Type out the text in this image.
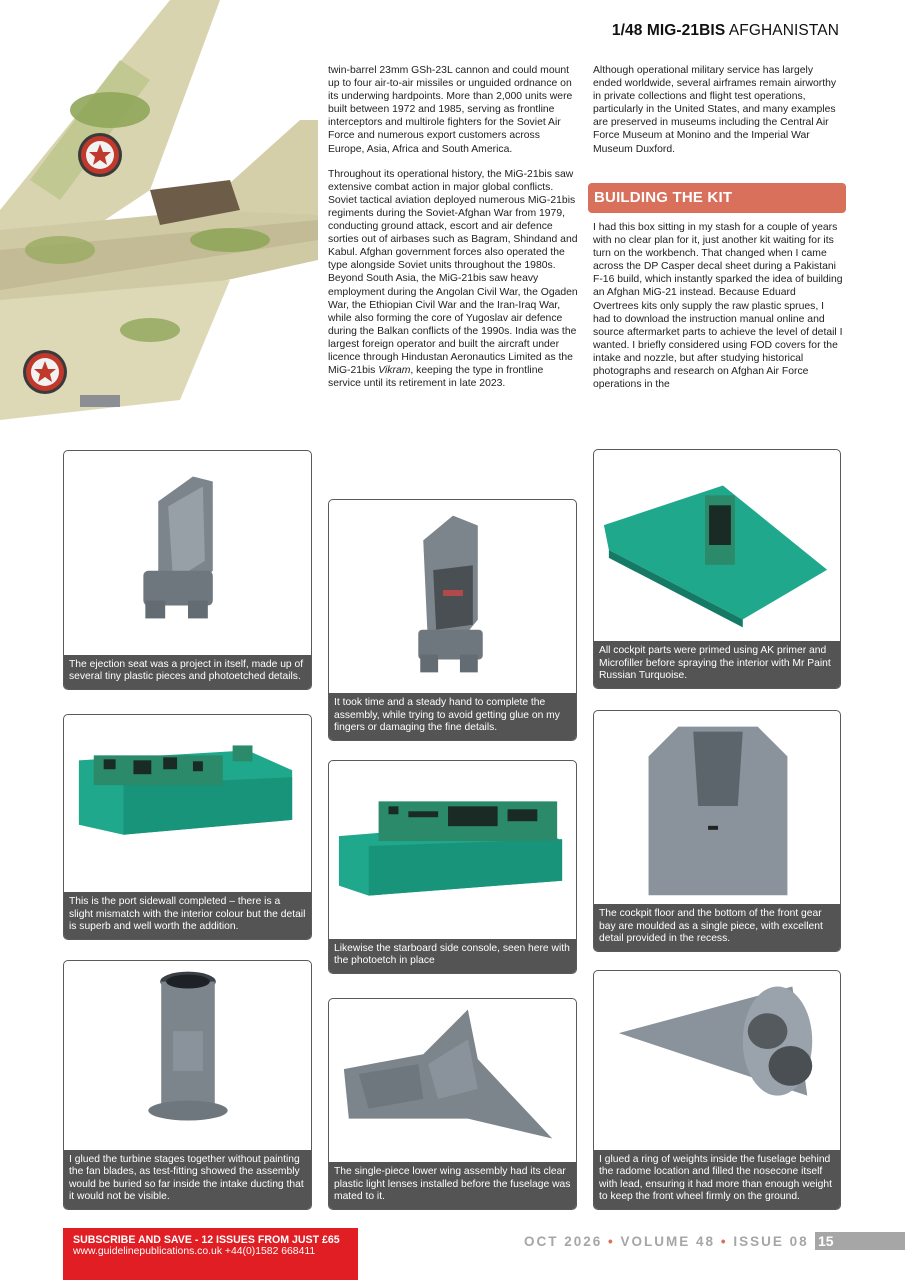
1/48 MIG-21BIS AFGHANISTAN

twin-barrel 23mm GSh-23L cannon and could mount up to four air-to-air missiles or unguided ordnance on its underwing hardpoints. More than 2,000 units were built between 1972 and 1985, serving as frontline interceptors and multirole fighters for the Soviet Air Force and numerous export customers across Europe, Asia, Africa and South America.

Throughout its operational history, the MiG-21bis saw extensive combat action in major global conflicts. Soviet tactical aviation deployed numerous MiG-21bis regiments during the Soviet-Afghan War from 1979, conducting ground attack, escort and air defence sorties out of airbases such as Bagram, Shindand and Kabul. Afghan government forces also operated the type alongside Soviet units throughout the 1980s. Beyond South Asia, the MiG-21bis saw heavy employment during the Angolan Civil War, the Ogaden War, the Ethiopian Civil War and the Iran-Iraq War, while also forming the core of Yugoslav air defence during the Balkan conflicts of the 1990s. India was the largest foreign operator and built the aircraft under licence through Hindustan Aeronautics Limited as the MiG-21bis Vikram, keeping the type in frontline service until its retirement in late 2023.

Although operational military service has largely ended worldwide, several airframes remain airworthy in private collections and flight test operations, particularly in the United States, and many examples are preserved in museums including the Central Air Force Museum at Monino and the Imperial War Museum Duxford.

BUILDING THE KIT

I had this box sitting in my stash for a couple of years with no clear plan for it, just another kit waiting for its turn on the workbench. That changed when I came across the DP Casper decal sheet during a Pakistani F-16 build, which instantly sparked the idea of building an Afghan MiG-21 instead. Because Eduard Overtrees kits only supply the raw plastic sprues, I had to download the instruction manual online and source aftermarket parts to achieve the level of detail I wanted. I briefly considered using FOD covers for the intake and nozzle, but after studying historical photographs and research on Afghan Air Force operations in the

The ejection seat was a project in itself, made up of several tiny plastic pieces and photoetched details.
This is the port sidewall completed – there is a slight mismatch with the interior colour but the detail is superb and well worth the addition.
I glued the turbine stages together without painting the fan blades, as test-fitting showed the assembly would be buried so far inside the intake ducting that it would not be visible.
It took time and a steady hand to complete the assembly, while trying to avoid getting glue on my fingers or damaging the fine details.
Likewise the starboard side console, seen here with the photoetch in place
The single-piece lower wing assembly had its clear plastic light lenses installed before the fuselage was mated to it.
All cockpit parts were primed using AK primer and Microfiller before spraying the interior with Mr Paint Russian Turquoise.
The cockpit floor and the bottom of the front gear bay are moulded as a single piece, with excellent detail provided in the recess.
I glued a ring of weights inside the fuselage behind the radome location and filled the nosecone itself with lead, ensuring it had more than enough weight to keep the front wheel firmly on the ground.
SUBSCRIBE AND SAVE - 12 ISSUES FROM JUST £65
www.guidelinepublications.co.uk +44(0)1582 668411
OCT 2026 • VOLUME 48 • ISSUE 08 15
